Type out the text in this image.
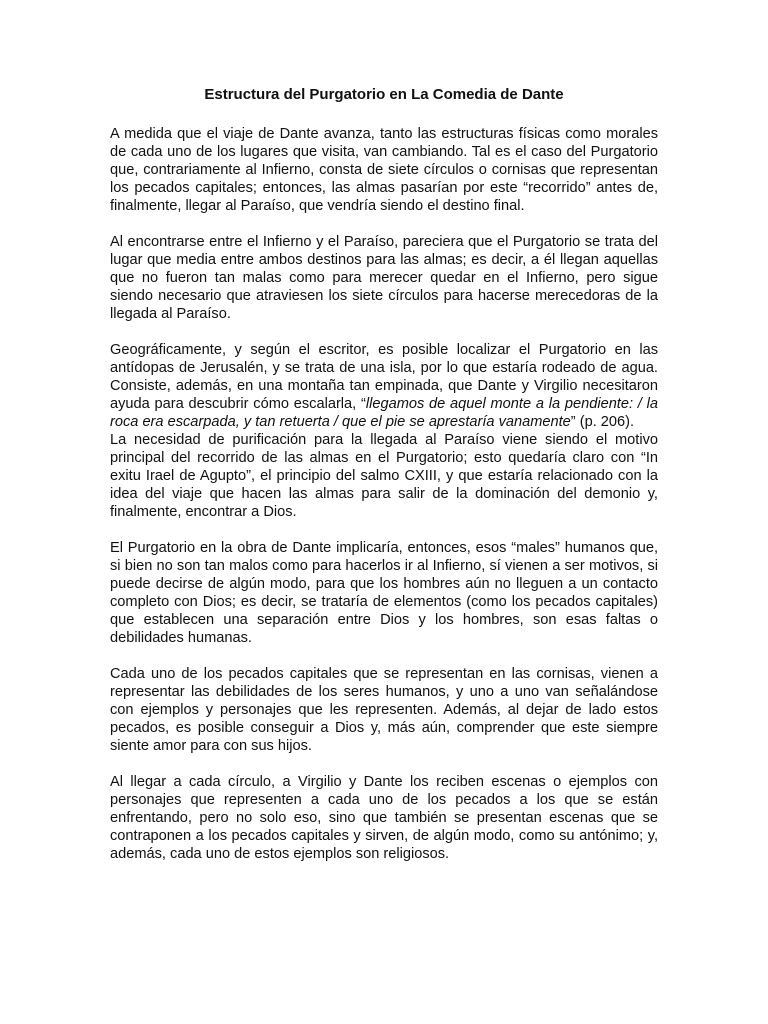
Estructura del Purgatorio en La Comedia de Dante

A medida que el viaje de Dante avanza, tanto las estructuras físicas como morales de cada uno de los lugares que visita, van cambiando. Tal es el caso del Purgatorio que, contrariamente al Infierno, consta de siete círculos o cornisas que representan los pecados capitales; entonces, las almas pasarían por este “recorrido” antes de, finalmente, llegar al Paraíso, que vendría siendo el destino final.

Al encontrarse entre el Infierno y el Paraíso, pareciera que el Purgatorio se trata del lugar que media entre ambos destinos para las almas; es decir, a él llegan aquellas que no fueron tan malas como para merecer quedar en el Infierno, pero sigue siendo necesario que atraviesen los siete círculos para hacerse merecedoras de la llegada al Paraíso.

Geográficamente, y según el escritor, es posible localizar el Purgatorio en las antídopas de Jerusalén, y se trata de una isla, por lo que estaría rodeado de agua. Consiste, además, en una montaña tan empinada, que Dante y Virgilio necesitaron ayuda para descubrir cómo escalarla, “llegamos de aquel monte a la pendiente: / la roca era escarpada, y tan retuerta / que el pie se aprestaría vanamente” (p. 206).

La necesidad de purificación para la llegada al Paraíso viene siendo el motivo principal del recorrido de las almas en el Purgatorio; esto quedaría claro con “In exitu Irael de Agupto”, el principio del salmo CXIII, y que estaría relacionado con la idea del viaje que hacen las almas para salir de la dominación del demonio y, finalmente, encontrar a Dios.

El Purgatorio en la obra de Dante implicaría, entonces, esos “males” humanos que, si bien no son tan malos como para hacerlos ir al Infierno, sí vienen a ser motivos, si puede decirse de algún modo, para que los hombres aún no lleguen a un contacto completo con Dios; es decir, se trataría de elementos (como los pecados capitales) que establecen una separación entre Dios y los hombres, son esas faltas o debilidades humanas.

Cada uno de los pecados capitales que se representan en las cornisas, vienen a representar las debilidades de los seres humanos, y uno a uno van señalándose con ejemplos y personajes que les representen. Además, al dejar de lado estos pecados, es posible conseguir a Dios y, más aún, comprender que este siempre siente amor para con sus hijos.

Al llegar a cada círculo, a Virgilio y Dante los reciben escenas o ejemplos con personajes que representen a cada uno de los pecados a los que se están enfrentando, pero no solo eso, sino que también se presentan escenas que se contraponen a los pecados capitales y sirven, de algún modo, como su antónimo; y, además, cada uno de estos ejemplos son religiosos.
